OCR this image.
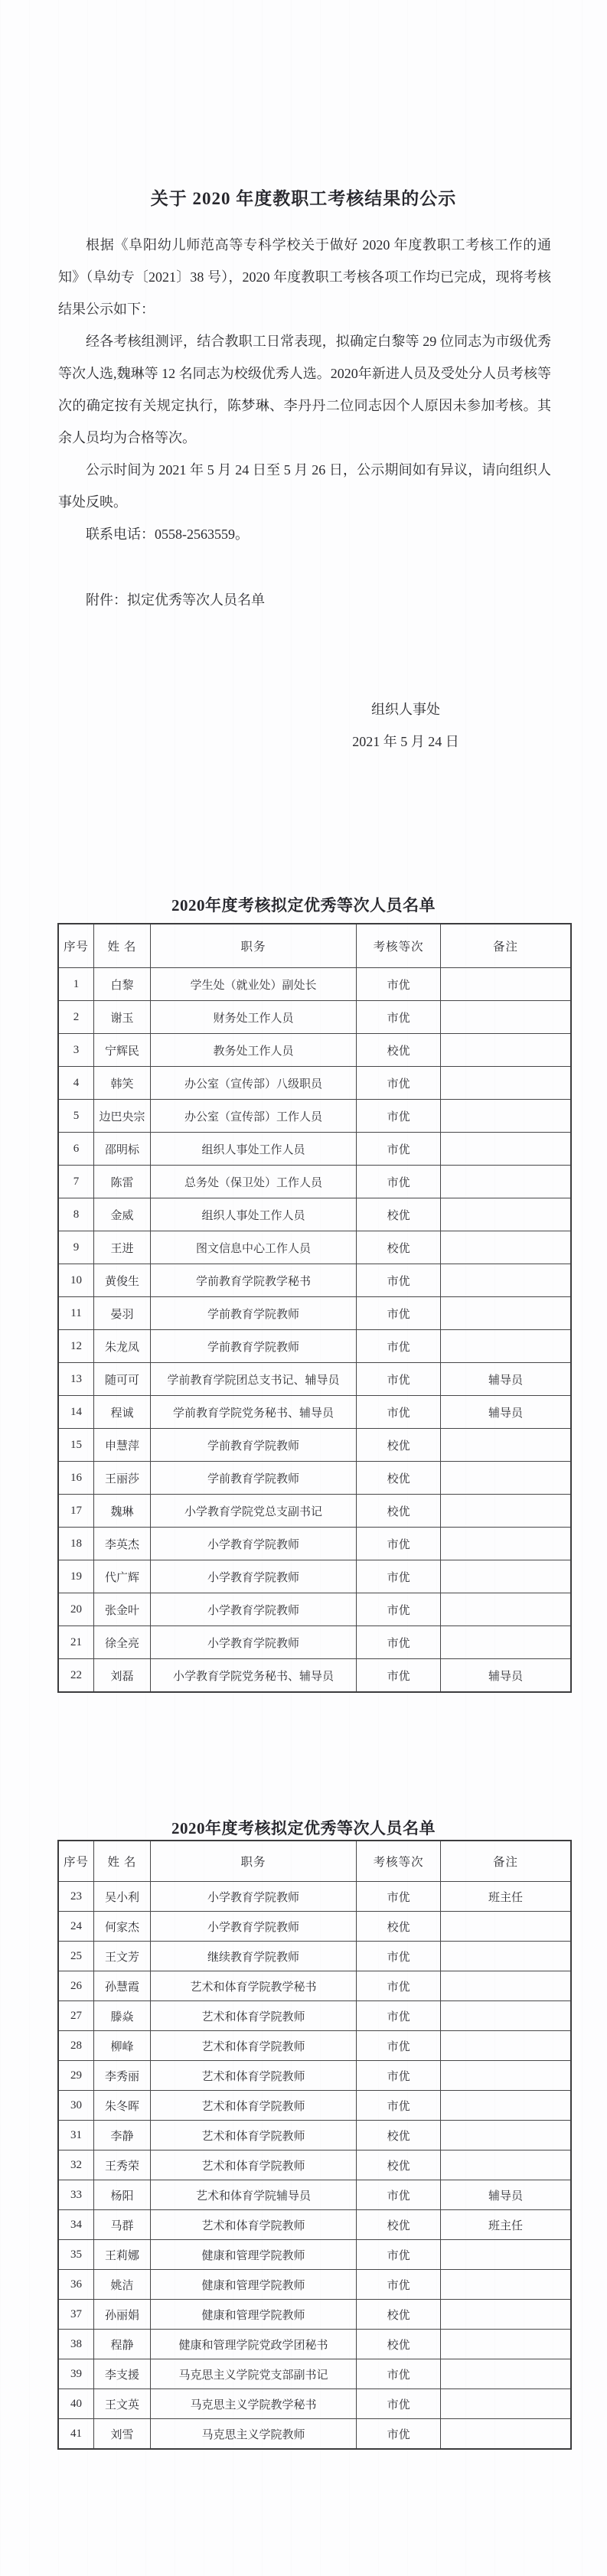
关于 2020 年度教职工考核结果的公示

根据《阜阳幼儿师范高等专科学校关于做好 2020 年度教职工考核工作的通知》（阜幼专〔2021〕38 号），2020 年度教职工考核各项工作均已完成，现将考核结果公示如下：

经各考核组测评，结合教职工日常表现，拟确定白黎等 29 位同志为市级优秀等次人选,魏琳等 12 名同志为校级优秀人选。2020年新进人员及受处分人员考核等次的确定按有关规定执行，陈梦琳、李丹丹二位同志因个人原因未参加考核。其余人员均为合格等次。

公示时间为 2021 年 5 月 24 日至 5 月 26 日，公示期间如有异议，请向组织人事处反映。

联系电话：0558-2563559。

附件：拟定优秀等次人员名单

组织人事处
2021 年 5 月 24 日
2020年度考核拟定优秀等次人员名单
序号	姓 名	职务	考核等次	备注
1	白黎	学生处（就业处）副处长	市优	
2	谢玉	财务处工作人员	市优	
3	宁辉民	教务处工作人员	校优	
4	韩笑	办公室（宣传部）八级职员	市优	
5	边巴央宗	办公室（宣传部）工作人员	市优	
6	邵明标	组织人事处工作人员	市优	
7	陈雷	总务处（保卫处）工作人员	市优	
8	金威	组织人事处工作人员	校优	
9	王进	图文信息中心工作人员	校优	
10	黄俊生	学前教育学院教学秘书	市优	
11	晏羽	学前教育学院教师	市优	
12	朱龙凤	学前教育学院教师	市优	
13	随可可	学前教育学院团总支书记、辅导员	市优	辅导员
14	程诚	学前教育学院党务秘书、辅导员	市优	辅导员
15	申慧萍	学前教育学院教师	校优	
16	王丽莎	学前教育学院教师	校优	
17	魏琳	小学教育学院党总支副书记	校优	
18	李英杰	小学教育学院教师	市优	
19	代广辉	小学教育学院教师	市优	
20	张金叶	小学教育学院教师	市优	
21	徐全亮	小学教育学院教师	市优	
22	刘磊	小学教育学院党务秘书、辅导员	市优	辅导员
2020年度考核拟定优秀等次人员名单
序号	姓 名	职务	考核等次	备注
23	吴小利	小学教育学院教师	市优	班主任
24	何家杰	小学教育学院教师	校优	
25	王文芳	继续教育学院教师	市优	
26	孙慧霞	艺术和体育学院教学秘书	市优	
27	滕焱	艺术和体育学院教师	市优	
28	柳峰	艺术和体育学院教师	市优	
29	李秀丽	艺术和体育学院教师	市优	
30	朱冬晖	艺术和体育学院教师	市优	
31	李静	艺术和体育学院教师	校优	
32	王秀荣	艺术和体育学院教师	校优	
33	杨阳	艺术和体育学院辅导员	市优	辅导员
34	马群	艺术和体育学院教师	校优	班主任
35	王莉娜	健康和管理学院教师	市优	
36	姚洁	健康和管理学院教师	市优	
37	孙丽娟	健康和管理学院教师	校优	
38	程静	健康和管理学院党政学团秘书	校优	
39	李支援	马克思主义学院党支部副书记	市优	
40	王文英	马克思主义学院教学秘书	市优	
41	刘雪	马克思主义学院教师	市优	
